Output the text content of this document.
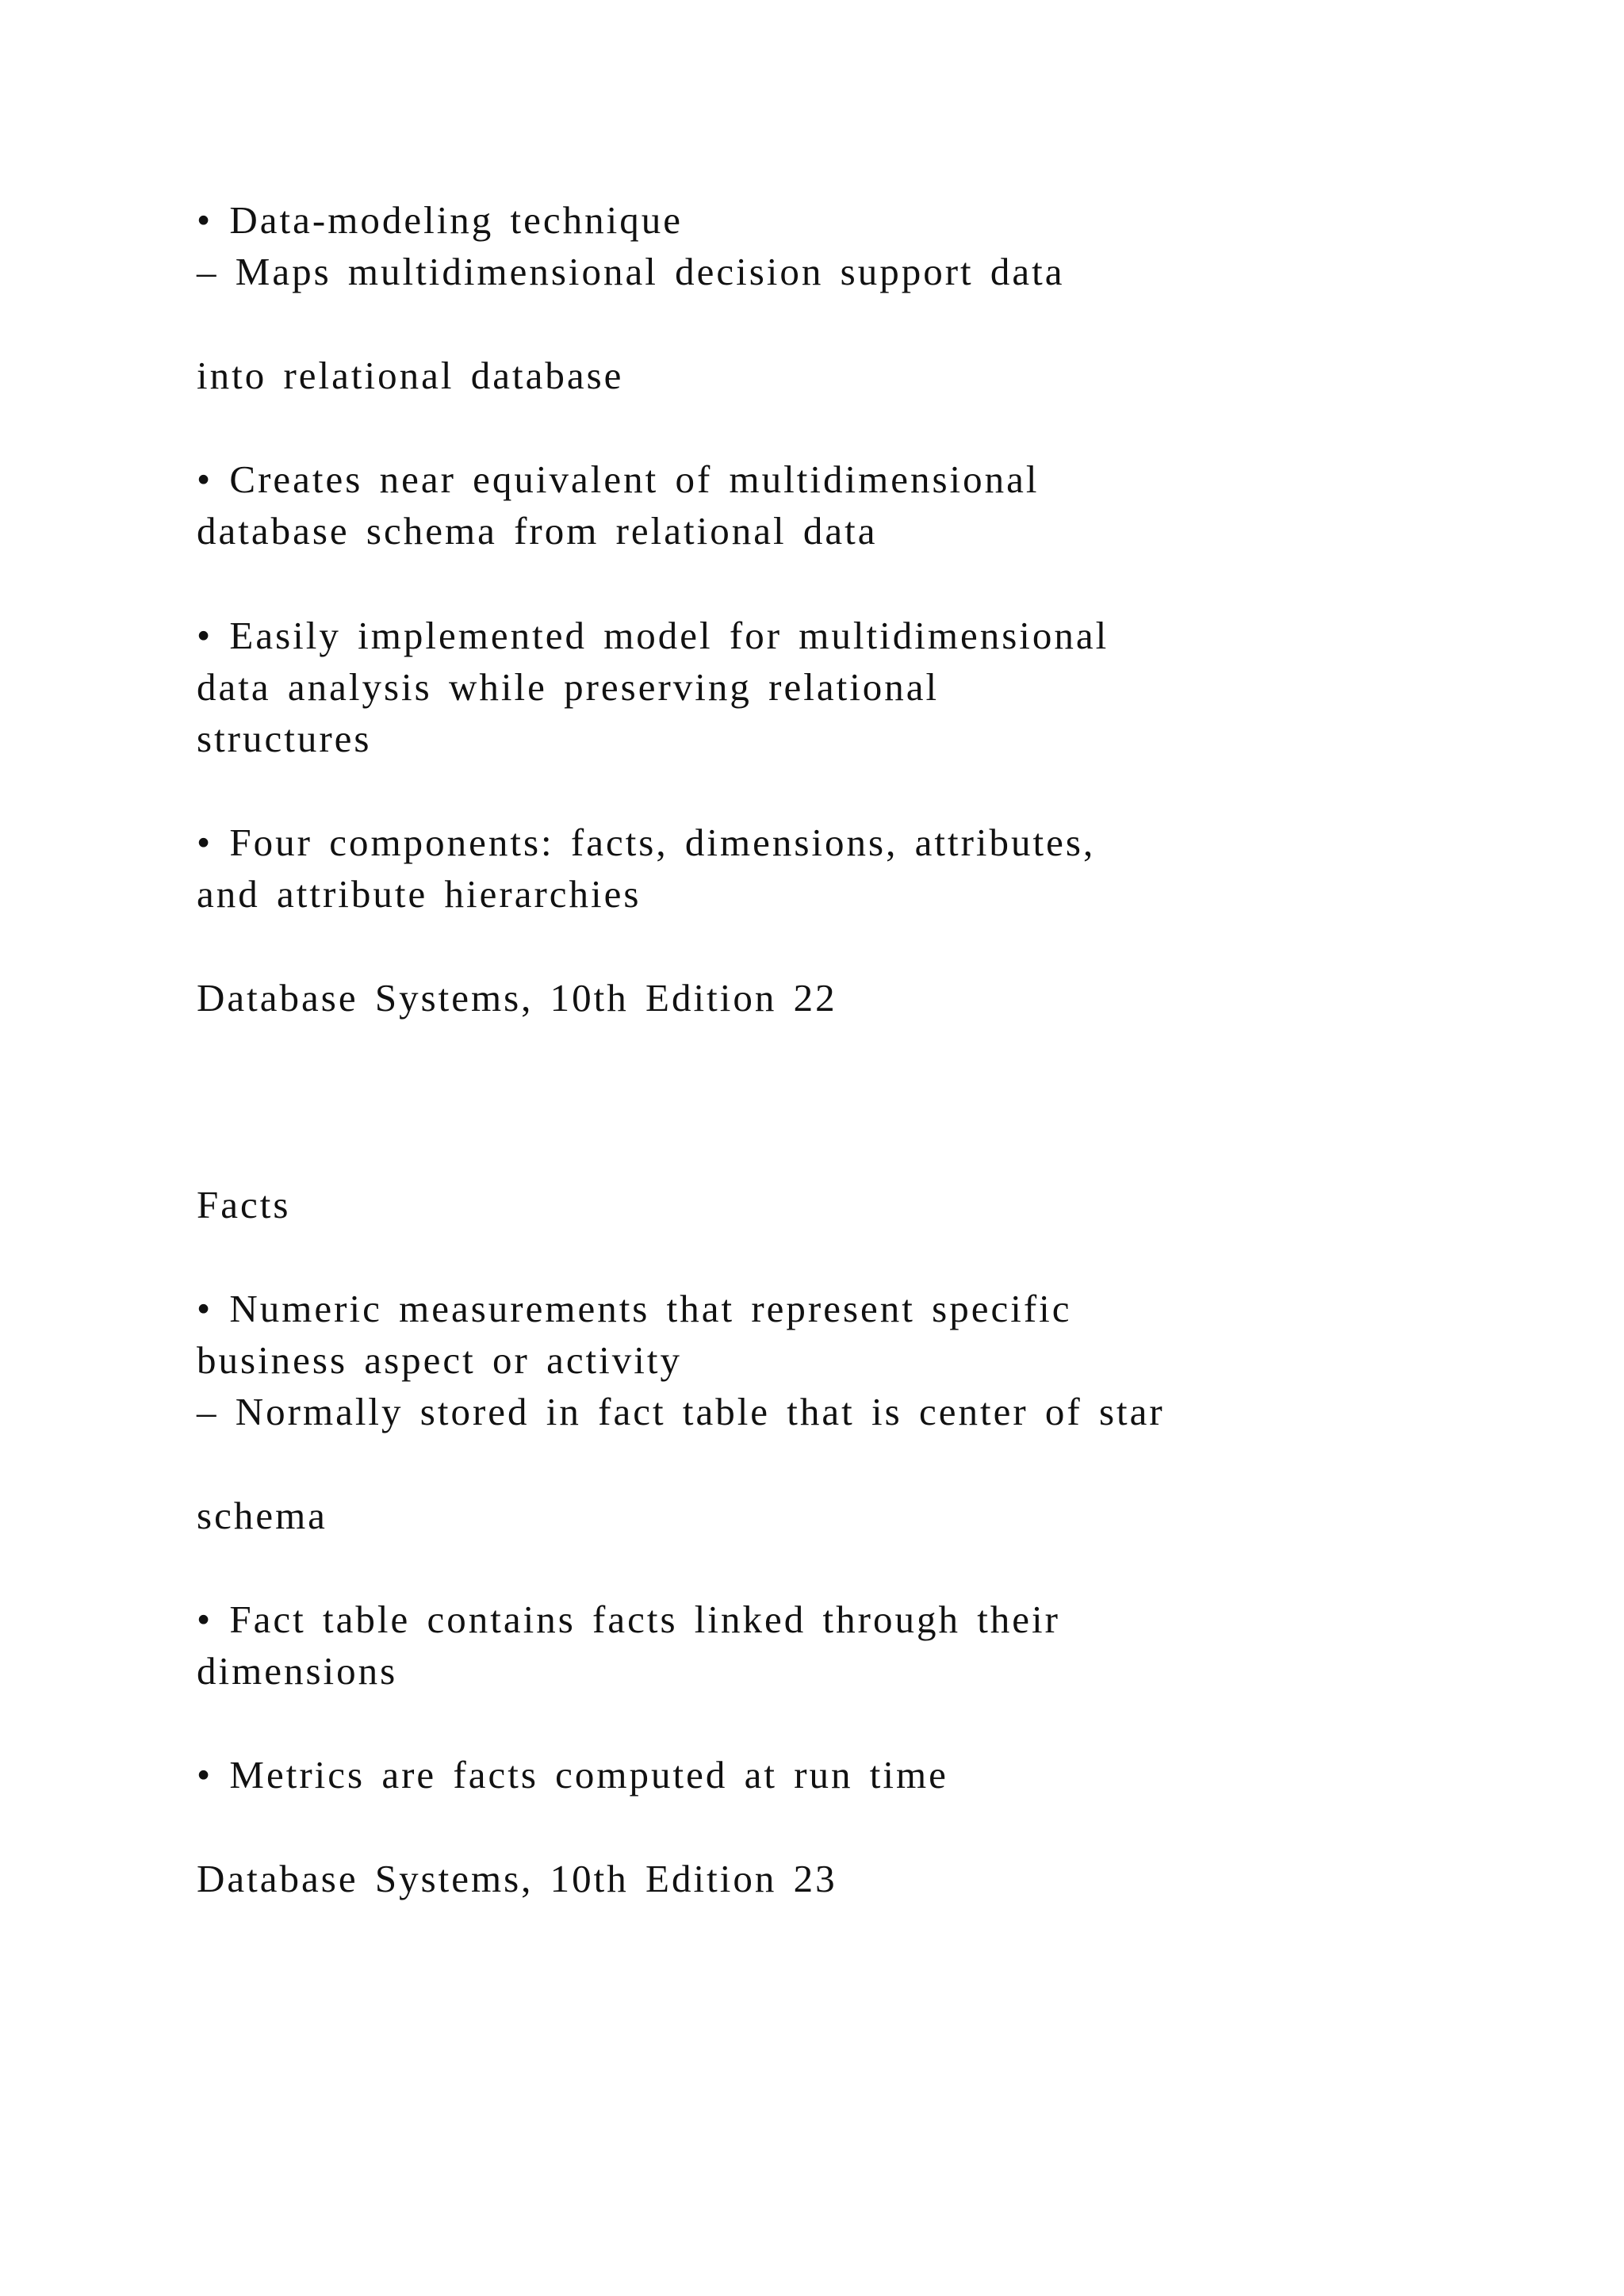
• Data-modeling technique

– Maps multidimensional decision support data

into relational database

• Creates near equivalent of multidimensional

database schema from relational data

• Easily implemented model for multidimensional

data analysis while preserving relational

structures

• Four components: facts, dimensions, attributes,

and attribute hierarchies

Database Systems, 10th Edition 22

Facts

• Numeric measurements that represent specific

business aspect or activity

– Normally stored in fact table that is center of star

schema

• Fact table contains facts linked through their

dimensions

• Metrics are facts computed at run time

Database Systems, 10th Edition 23
